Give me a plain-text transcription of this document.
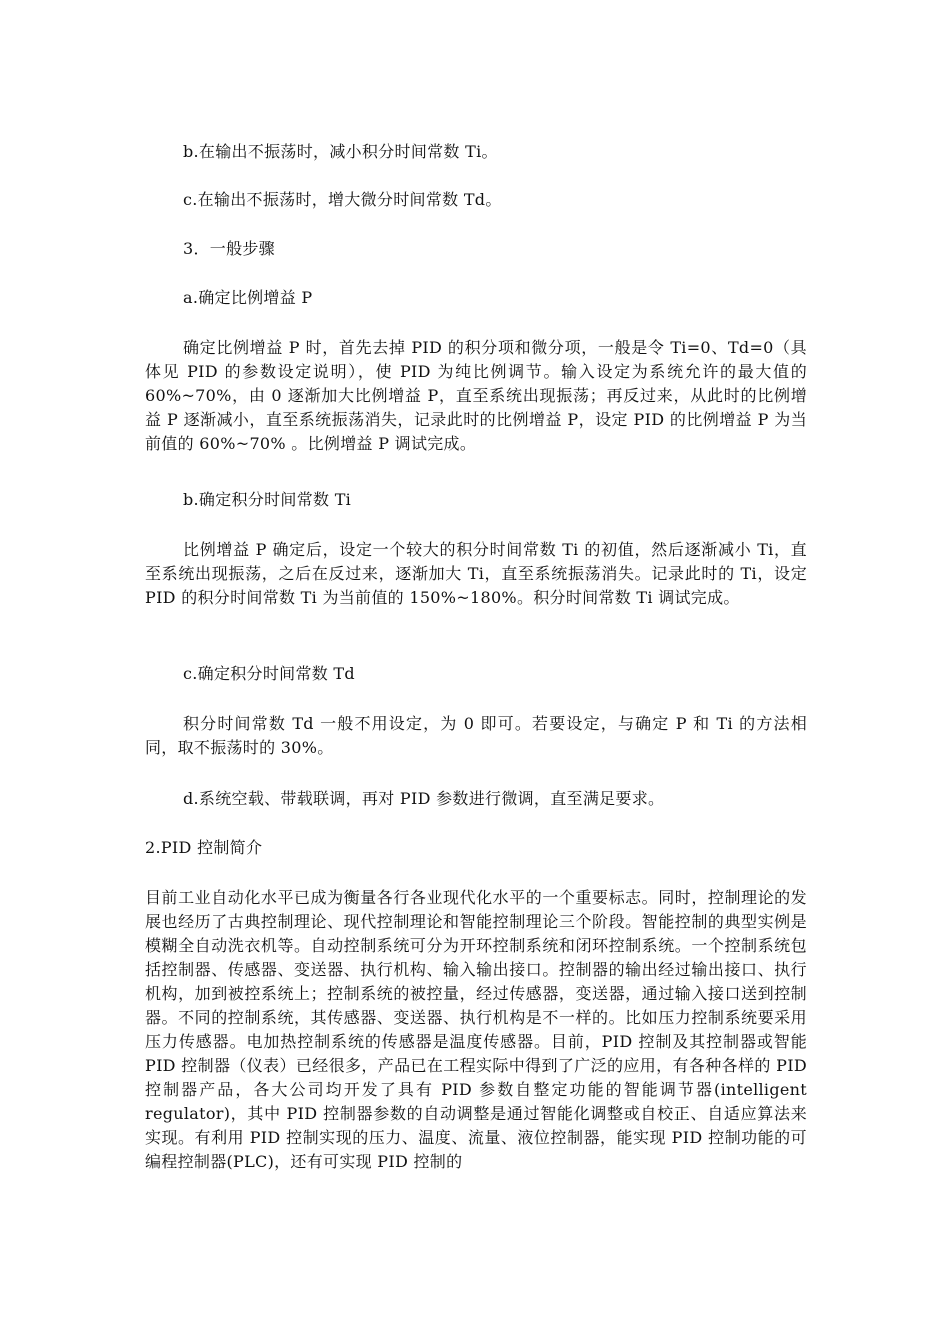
b.在输出不振荡时，减小积分时间常数 Ti。
c.在输出不振荡时，增大微分时间常数 Td。
3．一般步骤
a.确定比例增益 P

确定比例增益 P 时，首先去掉 PID 的积分项和微分项，一般是令 Ti=0、Td=0（具体见 PID 的参数设定说明），使 PID 为纯比例调节。输入设定为系统允许的最大值的 60%~70%，由 0 逐渐加大比例增益 P，直至系统出现振荡；再反过来，从此时的比例增益 P 逐渐减小，直至系统振荡消失，记录此时的比例增益 P，设定 PID 的比例增益 P 为当前值的 60%~70% 。比例增益 P 调试完成。

b.确定积分时间常数 Ti

比例增益 P 确定后，设定一个较大的积分时间常数 Ti 的初值，然后逐渐减小 Ti，直至系统出现振荡，之后在反过来，逐渐加大 Ti，直至系统振荡消失。记录此时的 Ti，设定 PID 的积分时间常数 Ti 为当前值的 150%~180%。积分时间常数 Ti 调试完成。

c.确定积分时间常数 Td

积分时间常数 Td 一般不用设定，为 0 即可。若要设定，与确定 P 和 Ti 的方法相同，取不振荡时的 30%。

d.系统空载、带载联调，再对 PID 参数进行微调，直至满足要求。
2.PID 控制简介

目前工业自动化水平已成为衡量各行各业现代化水平的一个重要标志。同时，控制理论的发展也经历了古典控制理论、现代控制理论和智能控制理论三个阶段。智能控制的典型实例是模糊全自动洗衣机等。自动控制系统可分为开环控制系统和闭环控制系统。一个控制系统包括控制器、传感器、变送器、执行机构、输入输出接口。控制器的输出经过输出接口、执行机构，加到被控系统上；控制系统的被控量，经过传感器，变送器，通过输入接口送到控制器。不同的控制系统，其传感器、变送器、执行机构是不一样的。比如压力控制系统要采用压力传感器。电加热控制系统的传感器是温度传感器。目前，PID 控制及其控制器或智能 PID 控制器（仪表）已经很多，产品已在工程实际中得到了广泛的应用，有各种各样的 PID 控制器产品，各大公司均开发了具有 PID 参数自整定功能的智能调节器(intelligent regulator)，其中 PID 控制器参数的自动调整是通过智能化调整或自校正、自适应算法来实现。有利用 PID 控制实现的压力、温度、流量、液位控制器，能实现 PID 控制功能的可编程控制器(PLC)，还有可实现 PID 控制的
